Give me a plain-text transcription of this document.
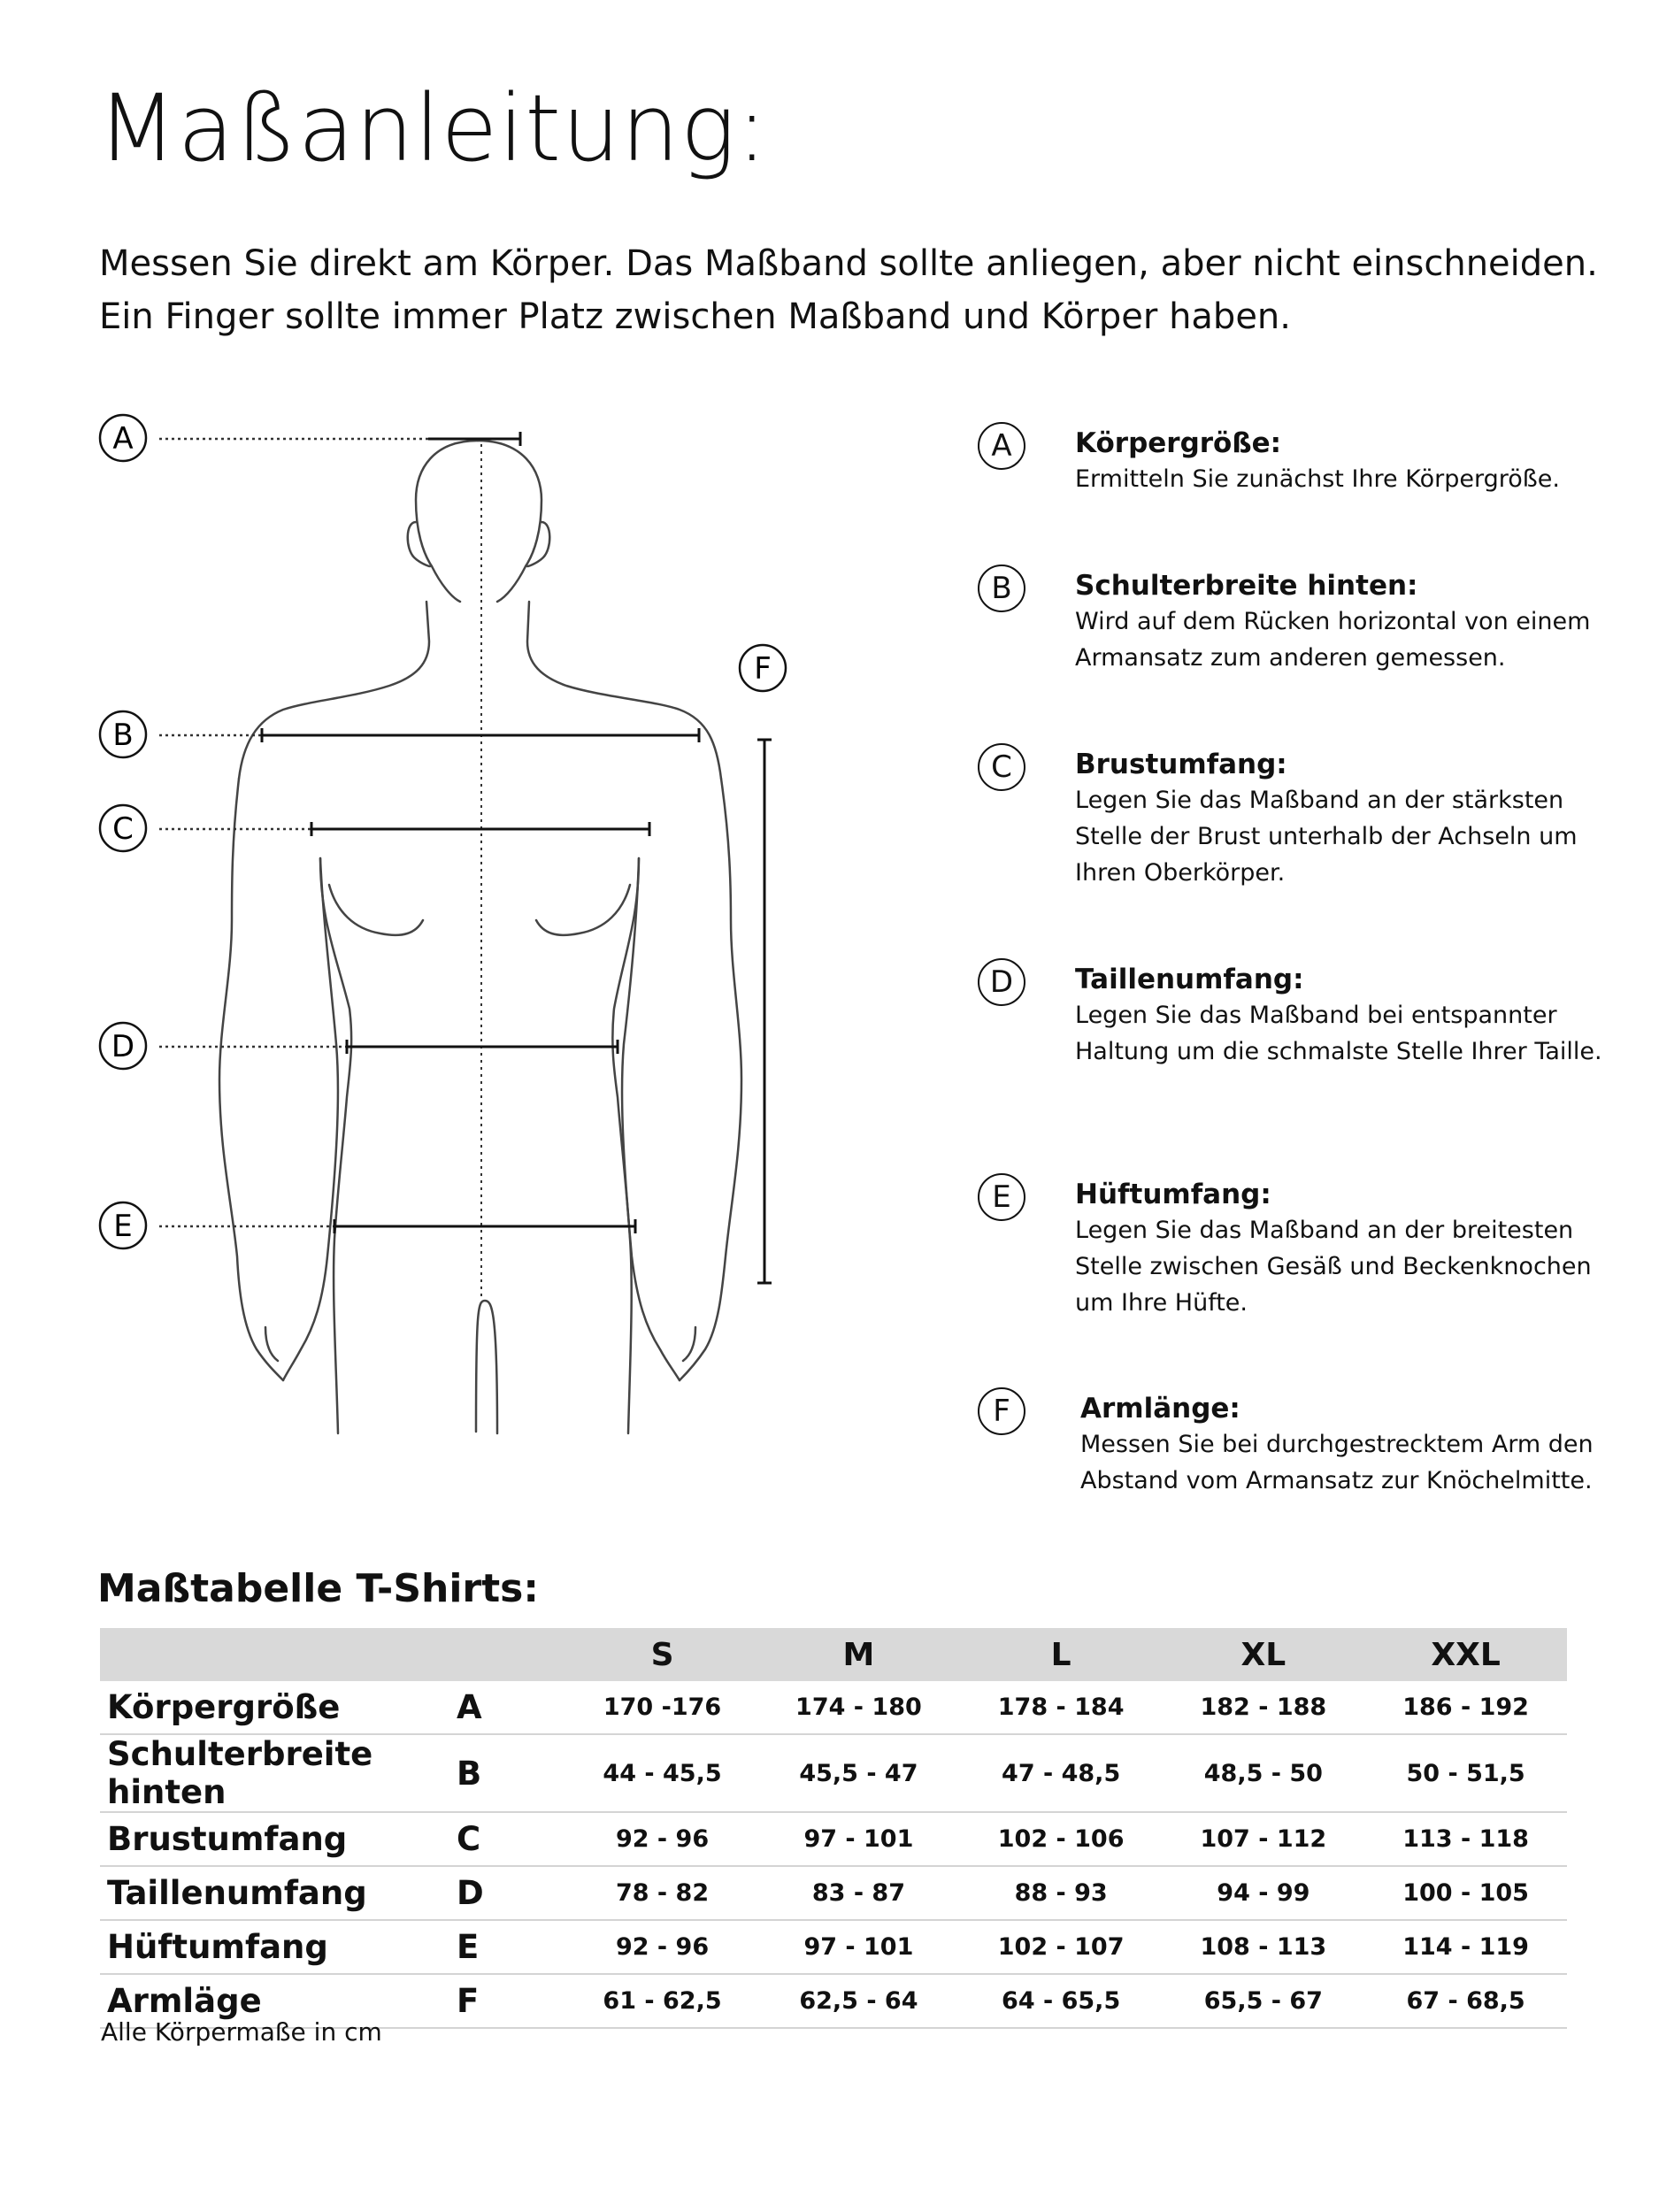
Maßanleitung:
Messen Sie direkt am Körper. Das Maßband sollte anliegen, aber nicht einschneiden.
Ein Finger sollte immer Platz zwischen Maßband und Körper haben.
A
B
C
D
E
F
A	Körpergröße:
Ermitteln Sie zunächst Ihre Körpergröße.
B	Schulterbreite hinten:
Wird auf dem Rücken horizontal von einem
Armansatz zum anderen gemessen.
C	Brustumfang:
Legen Sie das Maßband an der stärksten
Stelle der Brust unterhalb der Achseln um
Ihren Oberkörper.
D	Taillenumfang:
Legen Sie das Maßband bei entspannter
Haltung um die schmalste Stelle Ihrer Taille.
E	Hüftumfang:
Legen Sie das Maßband an der breitesten
Stelle zwischen Gesäß und Beckenknochen
um Ihre Hüfte.
F	Armlänge:
Messen Sie bei durchgestrecktem Arm den
Abstand vom Armansatz zur Knöchelmitte.
Maßtabelle T-Shirts:
		S	M	L	XL	XXL
Körpergröße	A	170 -176	174 - 180	178 - 184	182 - 188	186 - 192
Schulterbreite hinten	B	44 - 45,5	45,5 - 47	47 - 48,5	48,5 - 50	50 - 51,5
Brustumfang	C	92 - 96	97 - 101	102 - 106	107 - 112	113 - 118
Taillenumfang	D	78 - 82	83 - 87	88 - 93	94 - 99	100 - 105
Hüftumfang	E	92 - 96	97 - 101	102 - 107	108 - 113	114 - 119
Armläge	F	61 - 62,5	62,5 - 64	64 - 65,5	65,5 - 67	67 - 68,5

Alle Körpermaße in cm
